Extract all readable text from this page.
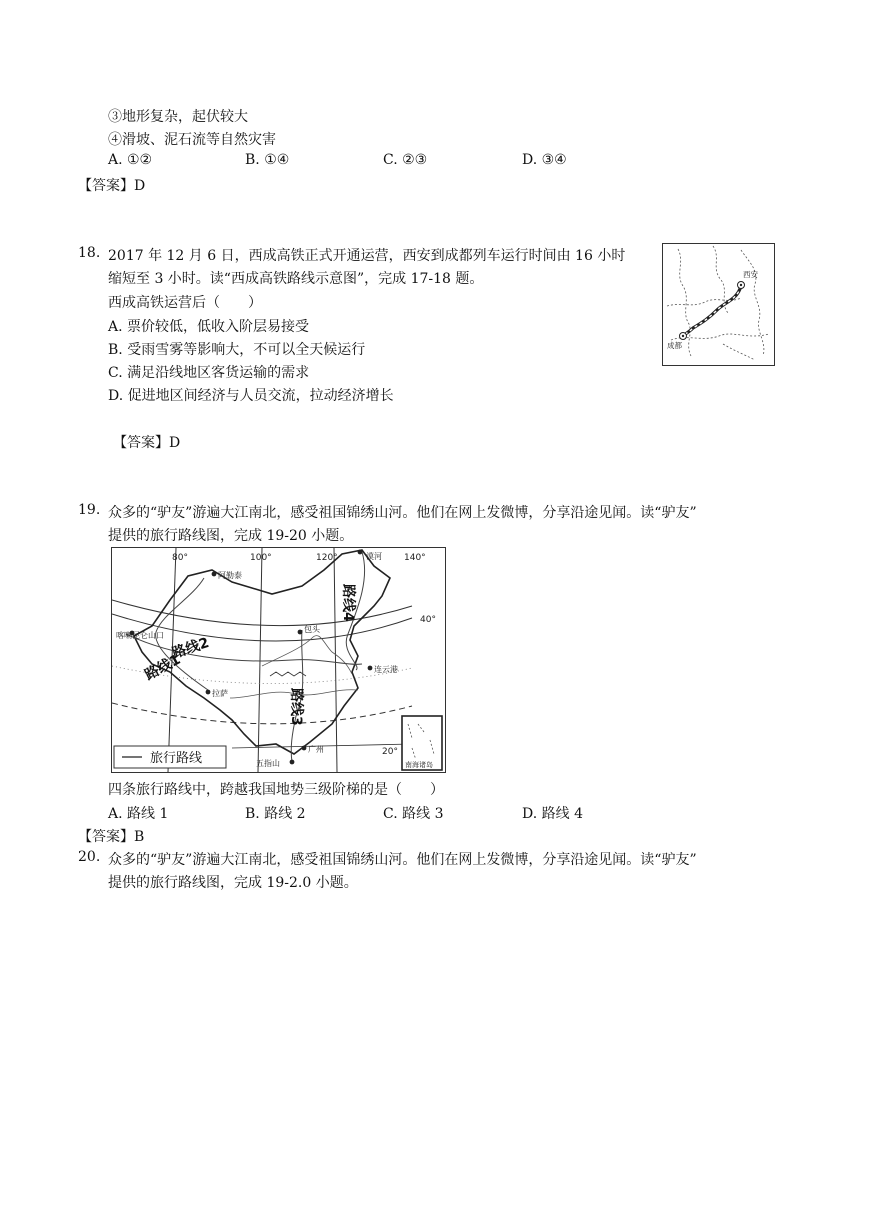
③地形复杂，起伏较大
④滑坡、泥石流等自然灾害
A. ①②	B. ①④	C. ②③	D. ③④
【答案】D
18. 2017 年 12 月 6 日，西成高铁正式开通运营，西安到成都列车运行时间由 16 小时
缩短至 3 小时。读“西成高铁路线示意图”，完成 17-18 题。
西成高铁运营后（　　）
A. 票价较低，低收入阶层易接受
B. 受雨雪雾等影响大，不可以全天候运行
C. 满足沿线地区客货运输的需求
D. 促进地区间经济与人员交流，拉动经济增长
【答案】D
西安
成都
19. 众多的“驴友”游遍大江南北，感受祖国锦绣山河。他们在网上发微博，分享沿途见闻。读“驴友”
提供的旅行路线图，完成 19-20 小题。
80°	100°	120°	140°
40°
20°
阿勒泰
漠河
喀喇昆仑山口
包头
连云港
拉萨
广州
五指山
路线2
路线1
路线3
路线4
旅行路线	南海诸岛
四条旅行路线中，跨越我国地势三级阶梯的是（　　）
A. 路线 1	B. 路线 2	C. 路线 3	D. 路线 4
【答案】B
20. 众多的“驴友”游遍大江南北，感受祖国锦绣山河。他们在网上发微博，分享沿途见闻。读“驴友”
提供的旅行路线图，完成 19-2.0 小题。
